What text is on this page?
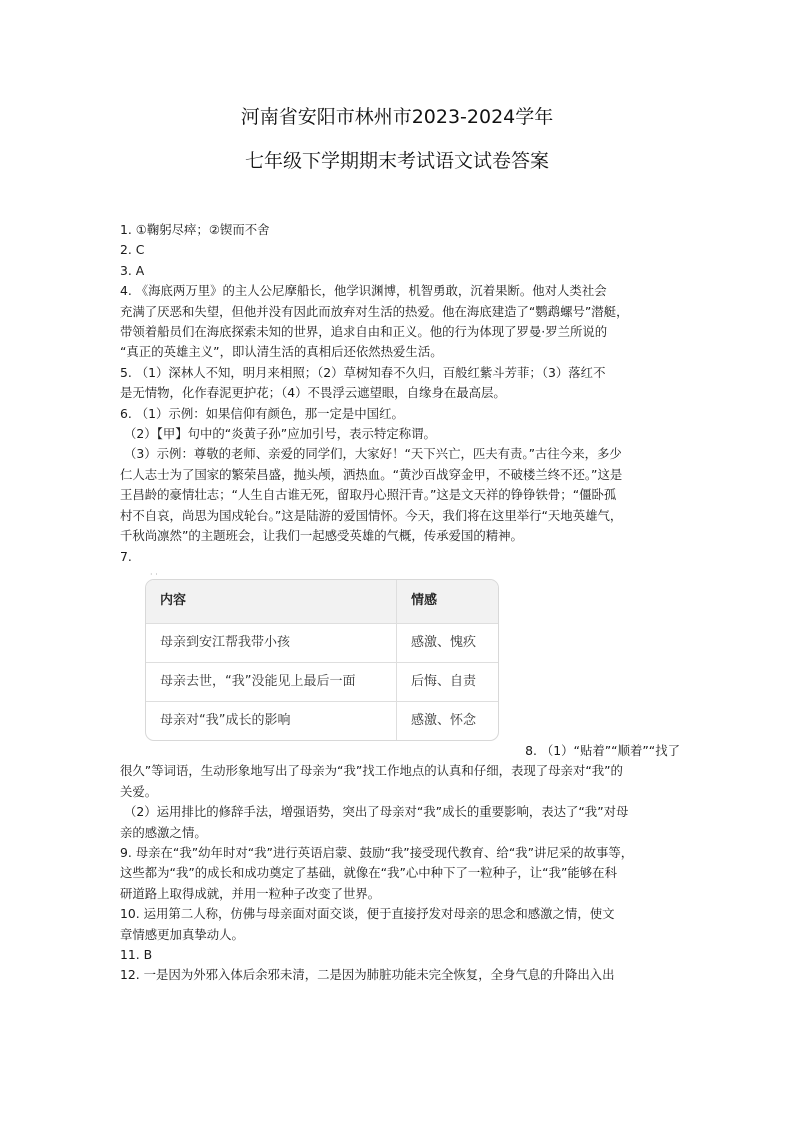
河南省安阳市林州市2023-2024学年
七年级下学期期末考试语文试卷答案

1. ①鞠躬尽瘁；②锲而不舍

2. C

3. A

4. 《海底两万里》的主人公尼摩船长，他学识渊博，机智勇敢，沉着果断。他对人类社会

充满了厌恶和失望，但他并没有因此而放弃对生活的热爱。他在海底建造了“鹦鹉螺号”潜艇，

带领着船员们在海底探索未知的世界，追求自由和正义。他的行为体现了罗曼·罗兰所说的

“真正的英雄主义”，即认清生活的真相后还依然热爱生活。

5. （1）深林人不知，明月来相照；（2）草树知春不久归，百般红紫斗芳菲；（3）落红不

是无情物，化作春泥更护花；（4）不畏浮云遮望眼，自缘身在最高层。

6. （1）示例：如果信仰有颜色，那一定是中国红。

（2）【甲】句中的“炎黄子孙”应加引号，表示特定称谓。

（3）示例：尊敬的老师、亲爱的同学们，大家好！“天下兴亡，匹夫有责。”古往今来，多少

仁人志士为了国家的繁荣昌盛，抛头颅，洒热血。“黄沙百战穿金甲，不破楼兰终不还。”这是

王昌龄的豪情壮志；“人生自古谁无死，留取丹心照汗青。”这是文天祥的铮铮铁骨；“僵卧孤

村不自哀，尚思为国戍轮台。”这是陆游的爱国情怀。今天，我们将在这里举行“天地英雄气，

千秋尚凛然”的主题班会，让我们一起感受英雄的气概，传承爱国的精神。

7.

内容	情感
母亲到安江帮我带小孩	感激、愧疚
母亲去世，“我”没能见上最后一面	后悔、自责
母亲对“我”成长的影响	感激、怀念

8. （1）“贴着”“顺着”“找了

很久”等词语，生动形象地写出了母亲为“我”找工作地点的认真和仔细，表现了母亲对“我”的

关爱。

（2）运用排比的修辞手法，增强语势，突出了母亲对“我”成长的重要影响，表达了“我”对母

亲的感激之情。

9. 母亲在“我”幼年时对“我”进行英语启蒙、鼓励“我”接受现代教育、给“我”讲尼采的故事等，

这些都为“我”的成长和成功奠定了基础，就像在“我”心中种下了一粒种子，让“我”能够在科

研道路上取得成就，并用一粒种子改变了世界。

10. 运用第二人称，仿佛与母亲面对面交谈，便于直接抒发对母亲的思念和感激之情，使文

章情感更加真挚动人。

11. B

12. 一是因为外邪入体后余邪未清，二是因为肺脏功能未完全恢复，全身气息的升降出入出

· ·
